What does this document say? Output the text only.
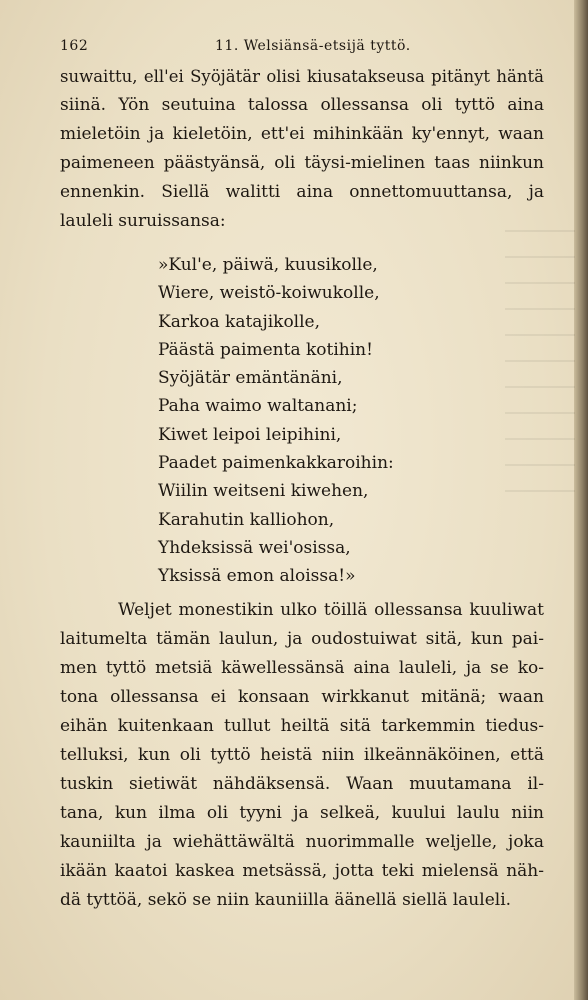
162	11. Welsiänsä-etsijä tyttö.
suwaittu, ell'ei Syöjätär olisi kiusatakseusa pitänyt häntä
siinä. Yön seutuina talossa ollessansa oli tyttö aina
mieletöin ja kieletöin, ett'ei mihinkään ky'ennyt, waan
paimeneen päästyänsä, oli täysi-mielinen taas niinkun
ennenkin. Siellä walitti aina onnettomuuttansa, ja
lauleli suruissansa:
»Kul'e, päiwä, kuusikolle,
Wiere, weistö-koiwukolle,
Karkoa katajikolle,
Päästä paimenta kotihin!
Syöjätär emäntänäni,
Paha waimo waltanani;
Kiwet leipoi leipihini,
Paadet paimenkakkaroihin:
Wiilin weitseni kiwehen,
Karahutin kalliohon,
Yhdeksissä wei'osissa,
Yksissä emon aloissa!»
Weljet monestikin ulko töillä ollessansa kuuliwat
laitumelta tämän laulun, ja oudostuiwat sitä, kun pai-
men tyttö metsiä käwellessänsä aina lauleli, ja se ko-
tona ollessansa ei konsaan wirkkanut mitänä; waan
eihän kuitenkaan tullut heiltä sitä tarkemmin tiedus-
telluksi, kun oli tyttö heistä niin ilkeännäköinen, että
tuskin sietiwät nähdäksensä. Waan muutamana il-
tana, kun ilma oli tyyni ja selkeä, kuului laulu niin
kauniilta ja wiehättäwältä nuorimmalle weljelle, joka
ikään kaatoi kaskea metsässä, jotta teki mielensä näh-
dä tyttöä, sekö se niin kauniilla äänellä siellä lauleli.
